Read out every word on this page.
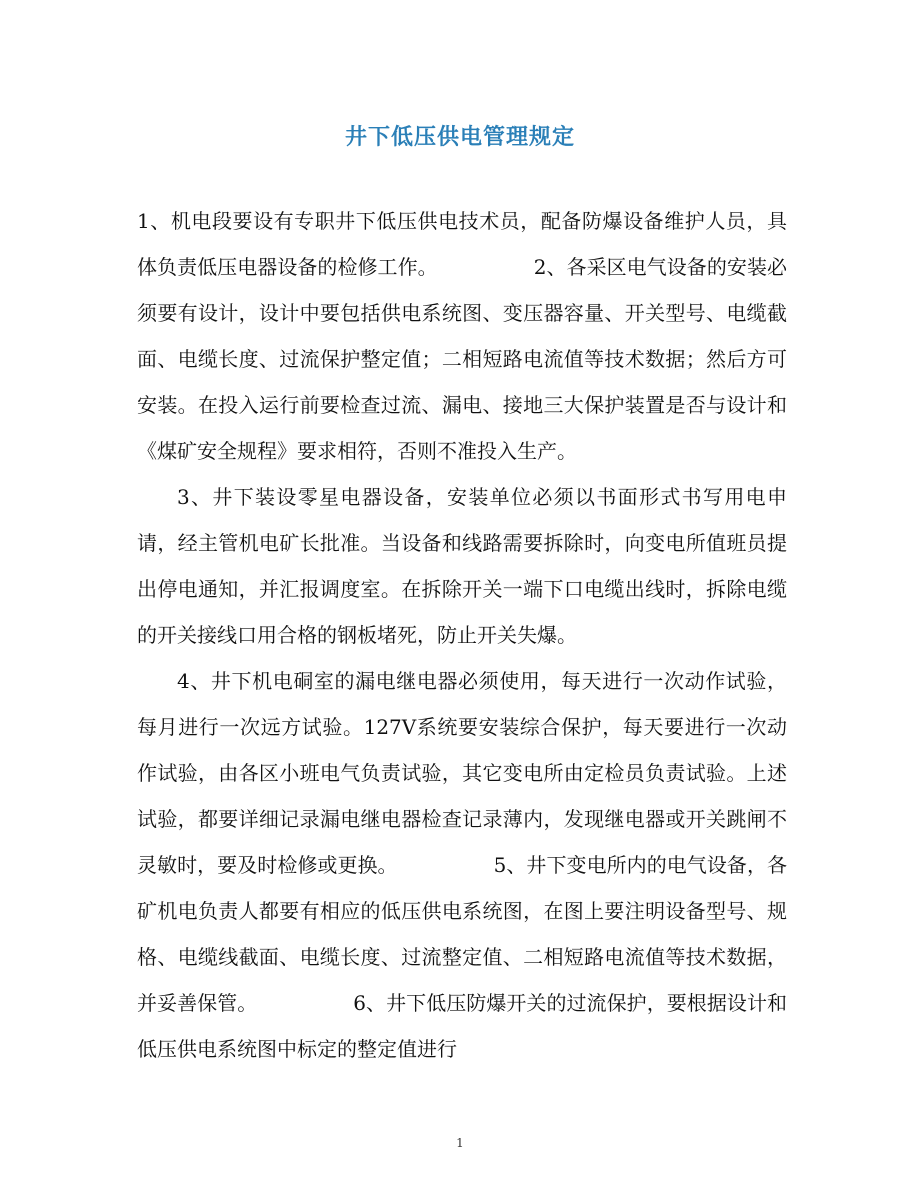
井下低压供电管理规定

1、机电段要设有专职井下低压供电技术员，配备防爆设备维护人员，具体负责低压电器设备的检修工作。	2、各采区电气设备的安装必须要有设计，设计中要包括供电系统图、变压器容量、开关型号、电缆截面、电缆长度、过流保护整定值；二相短路电流值等技术数据；然后方可安装。在投入运行前要检查过流、漏电、接地三大保护装置是否与设计和《煤矿安全规程》要求相符，否则不准投入生产。

3、井下装设零星电器设备，安装单位必须以书面形式书写用电申请，经主管机电矿长批准。当设备和线路需要拆除时，向变电所值班员提出停电通知，并汇报调度室。在拆除开关一端下口电缆出线时，拆除电缆的开关接线口用合格的钢板堵死，防止开关失爆。

4、井下机电硐室的漏电继电器必须使用，每天进行一次动作试验，每月进行一次远方试验。127V系统要安装综合保护，每天要进行一次动作试验，由各区小班电气负责试验，其它变电所由定检员负责试验。上述试验，都要详细记录漏电继电器检查记录薄内，发现继电器或开关跳闸不灵敏时，要及时检修或更换。	5、井下变电所内的电气设备，各矿机电负责人都要有相应的低压供电系统图，在图上要注明设备型号、规格、电缆线截面、电缆长度、过流整定值、二相短路电流值等技术数据，并妥善保管。	6、井下低压防爆开关的过流保护，要根据设计和低压供电系统图中标定的整定值进行

1
